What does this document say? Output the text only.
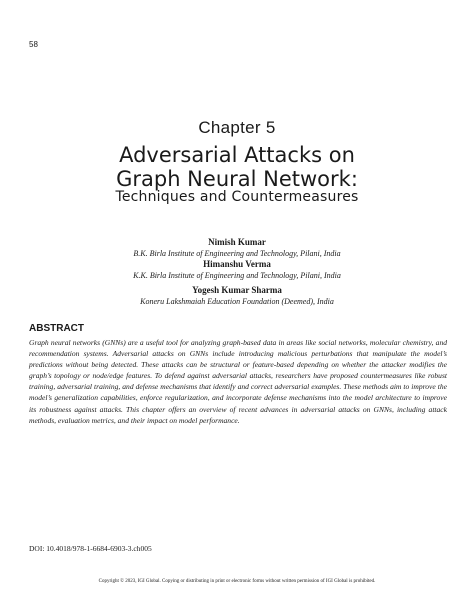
58
Chapter 5
Adversarial Attacks on
Graph Neural Network:
Techniques and Countermeasures
Nimish Kumar
B.K. Birla Institute of Engineering and Technology, Pilani, India
Himanshu Verma
K.K. Birla Institute of Engineering and Technology, Pilani, India
Yogesh Kumar Sharma
Koneru Lakshmaiah Education Foundation (Deemed), India
ABSTRACT

Graph neural networks (GNNs) are a useful tool for analyzing graph-based data in areas like social networks, molecular chemistry, and recommendation systems. Adversarial attacks on GNNs include introducing malicious perturbations that manipulate the model’s predictions without being detected. These attacks can be structural or feature-based depending on whether the attacker modifies the graph’s topology or node/edge features. To defend against adversarial attacks, researchers have proposed countermeasures like robust training, adversarial training, and defense mechanisms that identify and correct adversarial examples. These methods aim to improve the model’s generalization capabilities, enforce regularization, and incorporate defense mechanisms into the model architecture to improve its robustness against attacks. This chapter offers an overview of recent advances in adversarial attacks on GNNs, including attack methods, evaluation metrics, and their impact on model performance.

DOI: 10.4018/978-1-6684-6903-3.ch005
Copyright © 2023, IGI Global. Copying or distributing in print or electronic forms without written permission of IGI Global is prohibited.
